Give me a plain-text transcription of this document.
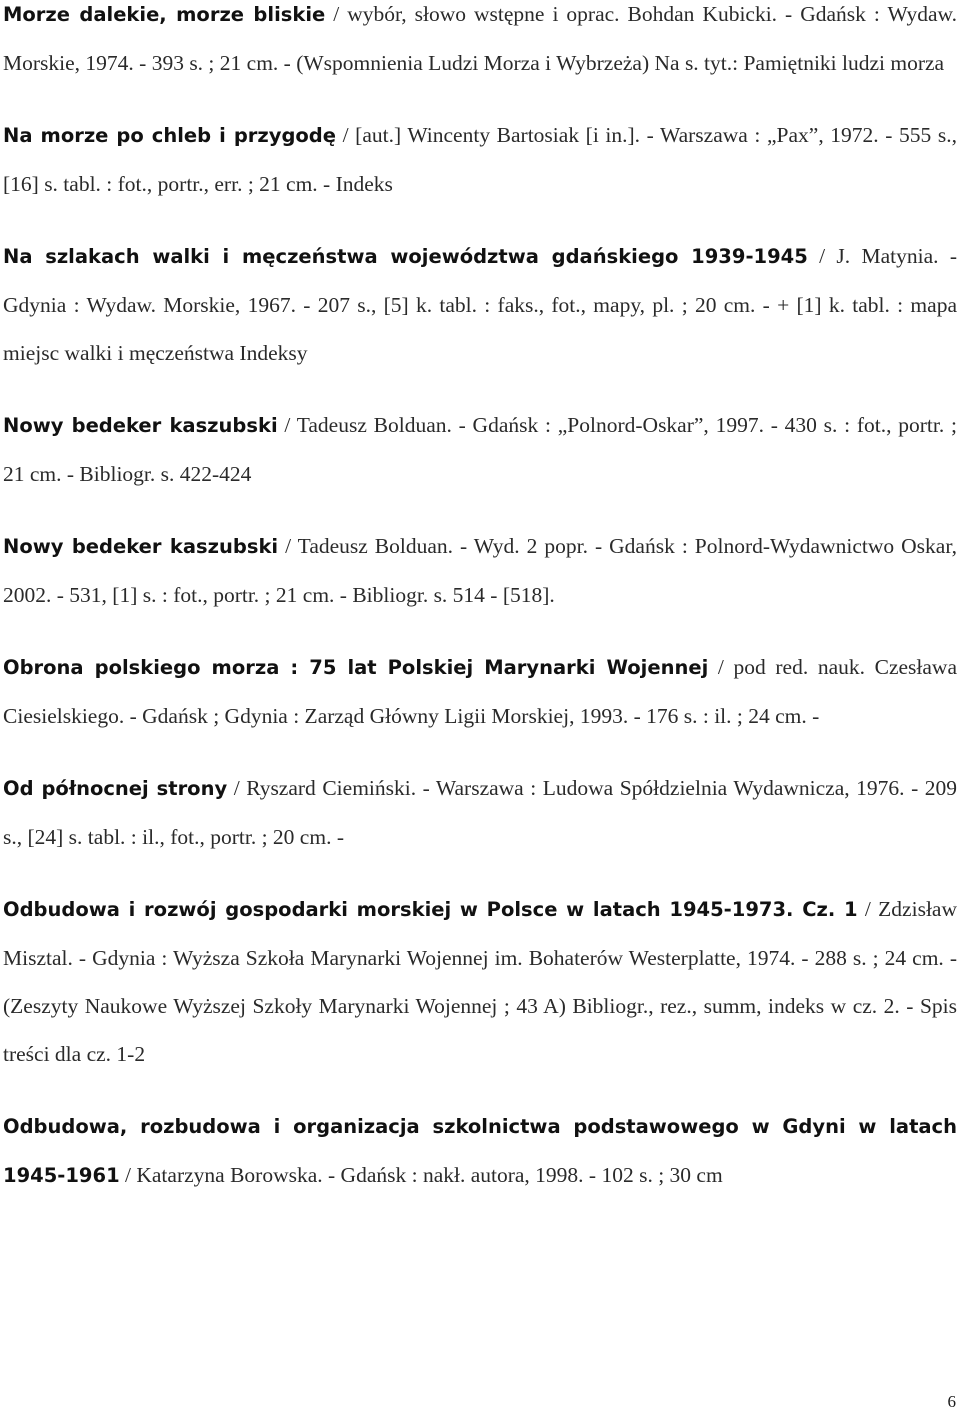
Morze dalekie, morze bliskie / wybór, słowo wstępne i oprac. Bohdan Kubicki. - Gdańsk : Wydaw. Morskie, 1974. - 393 s. ; 21 cm. - (Wspomnienia Ludzi Morza i Wybrzeża) Na s. tyt.: Pamiętniki ludzi morza

Na morze po chleb i przygodę / [aut.] Wincenty Bartosiak [i in.]. - Warszawa : „Pax”, 1972. - 555 s., [16] s. tabl. : fot., portr., err. ; 21 cm. - Indeks

Na szlakach walki i męczeństwa województwa gdańskiego 1939-1945 / J. Matynia. - Gdynia : Wydaw. Morskie, 1967. - 207 s., [5] k. tabl. : faks., fot., mapy, pl. ; 20 cm. - + [1] k. tabl. : mapa miejsc walki i męczeństwa Indeksy

Nowy bedeker kaszubski / Tadeusz Bolduan. - Gdańsk : „Polnord-Oskar”, 1997. - 430 s. : fot., portr. ; 21 cm. - Bibliogr. s. 422-424

Nowy bedeker kaszubski / Tadeusz Bolduan. - Wyd. 2 popr. - Gdańsk : Polnord-Wydawnictwo Oskar, 2002. - 531, [1] s. : fot., portr. ; 21 cm. - Bibliogr. s. 514 - [518].

Obrona polskiego morza : 75 lat Polskiej Marynarki Wojennej / pod red. nauk. Czesława Ciesielskiego. - Gdańsk ; Gdynia : Zarząd Główny Ligii Morskiej, 1993. - 176 s. : il. ; 24 cm. -

Od północnej strony / Ryszard Ciemiński. - Warszawa : Ludowa Spółdzielnia Wydawnicza, 1976. - 209 s., [24] s. tabl. : il., fot., portr. ; 20 cm. -

Odbudowa i rozwój gospodarki morskiej w Polsce w latach 1945-1973. Cz. 1 / Zdzisław Misztal. - Gdynia : Wyższa Szkoła Marynarki Wojennej im. Bohaterów Westerplatte, 1974. - 288 s. ; 24 cm. - (Zeszyty Naukowe Wyższej Szkoły Marynarki Wojennej ; 43 A) Bibliogr., rez., summ, indeks w cz. 2. - Spis treści dla cz. 1-2

Odbudowa, rozbudowa i organizacja szkolnictwa podstawowego w Gdyni w latach 1945-1961 / Katarzyna Borowska. - Gdańsk : nakł. autora, 1998. - 102 s. ; 30 cm

6
